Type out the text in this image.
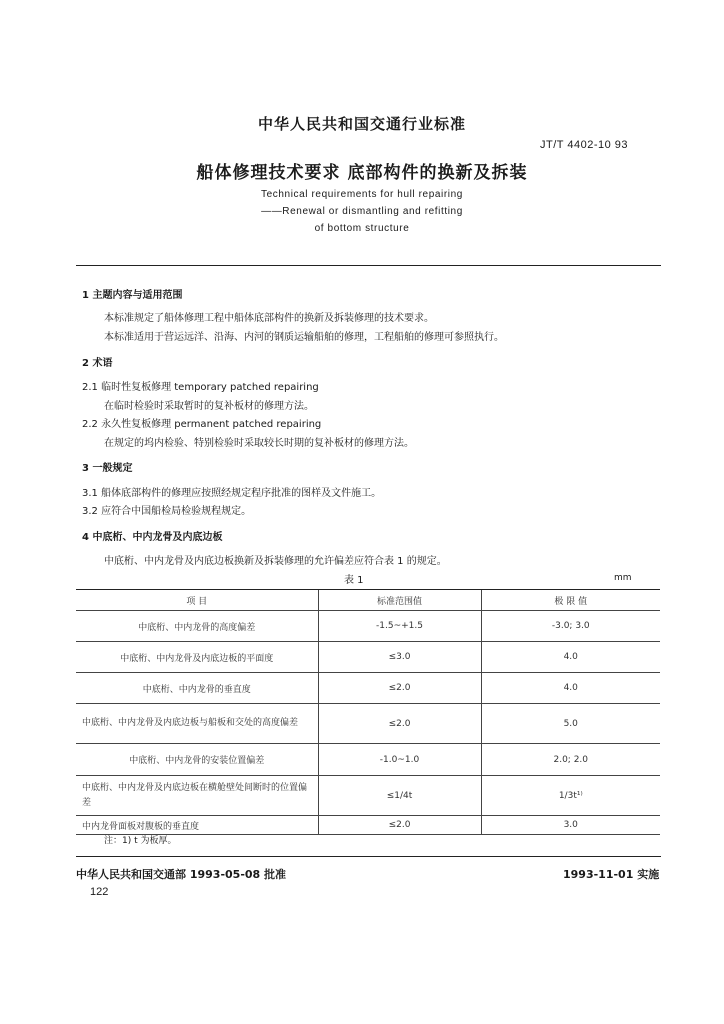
中华人民共和国交通行业标准
JT/T 4402-10 93
船体修理技术要求 底部构件的换新及拆装
Technical requirements for hull repairing
——Renewal or dismantling and refitting
of bottom structure
1 主题内容与适用范围
本标准规定了船体修理工程中船体底部构件的换新及拆装修理的技术要求。
本标准适用于营运远洋、沿海、内河的钢质运输船舶的修理，工程船舶的修理可参照执行。
2 术语
2.1 临时性复板修理 temporary patched repairing
在临时检验时采取暂时的复补板材的修理方法。
2.2 永久性复板修理 permanent patched repairing
在规定的坞内检验、特别检验时采取较长时期的复补板材的修理方法。
3 一般规定
3.1 船体底部构件的修理应按照经规定程序批准的图样及文件施工。
3.2 应符合中国船检局检验规程规定。
4 中底桁、中内龙骨及内底边板
中底桁、中内龙骨及内底边板换新及拆装修理的允许偏差应符合表 1 的规定。
表 1	mm
项 目	标准范围值	极 限 值
中底桁、中内龙骨的高度偏差	-1.5~+1.5	-3.0; 3.0
中底桁、中内龙骨及内底边板的平面度	≤3.0	4.0
中底桁、中内龙骨的垂直度	≤2.0	4.0
中底桁、中内龙骨及内底边板与船板和交处的高度偏差	≤2.0	5.0
中底桁、中内龙骨的安装位置偏差	-1.0~1.0	2.0; 2.0
中底桁、中内龙骨及内底边板在横舱壁处间断时的位置偏差	≤1/4t	1/3t¹⁾
中内龙骨面板对腹板的垂直度	≤2.0	3.0
注：1) t 为板厚。
中华人民共和国交通部 1993-05-08 批准	1993-11-01 实施
122
